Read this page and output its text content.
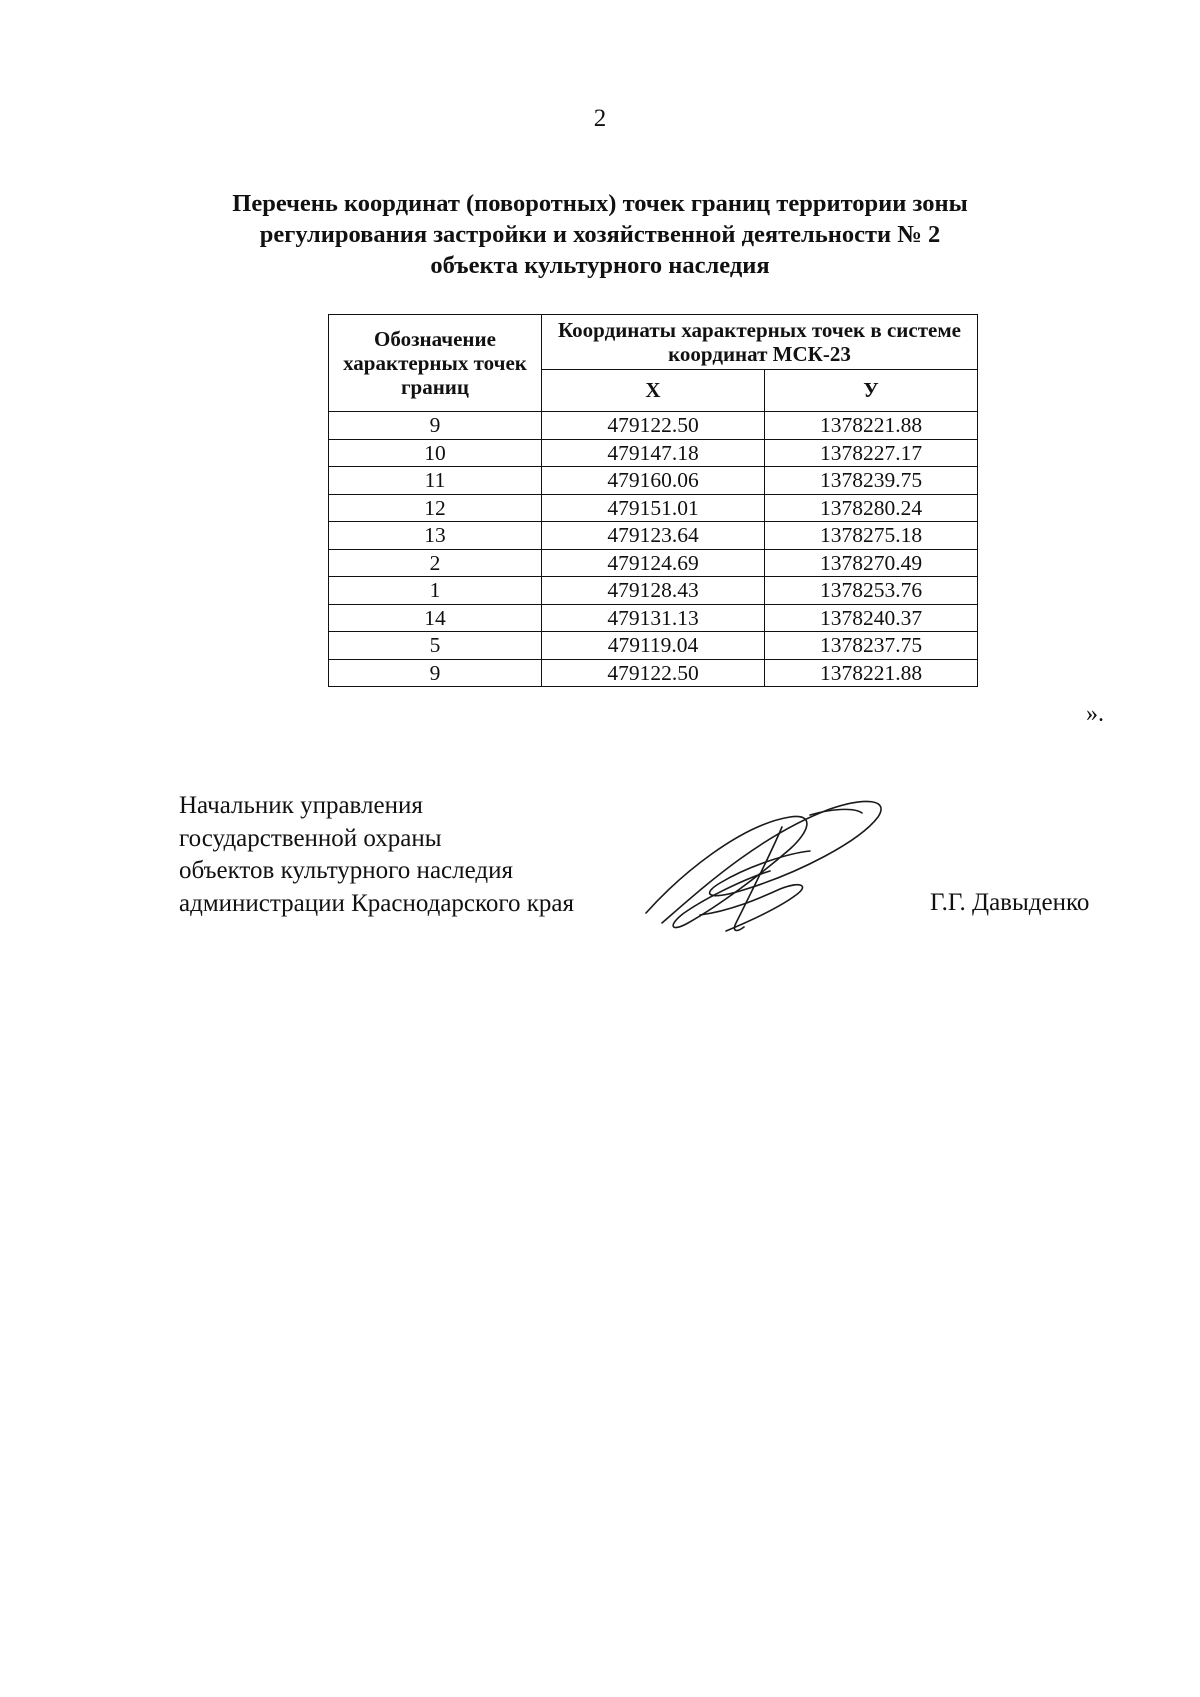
2
Перечень координат (поворотных) точек границ территории зоны
регулирования застройки и хозяйственной деятельности № 2
объекта культурного наследия
Обозначение характерных точек границ	Координаты характерных точек в системе координат МСК-23	
	Х	У
9	479122.50	1378221.88
10	479147.18	1378227.17
11	479160.06	1378239.75
12	479151.01	1378280.24
13	479123.64	1378275.18
2	479124.69	1378270.49
1	479128.43	1378253.76
14	479131.13	1378240.37
5	479119.04	1378237.75
9	479122.50	1378221.88
».
Начальник управления
государственной охраны
объектов культурного наследия
администрации Краснодарского края	Г.Г. Давыденко
